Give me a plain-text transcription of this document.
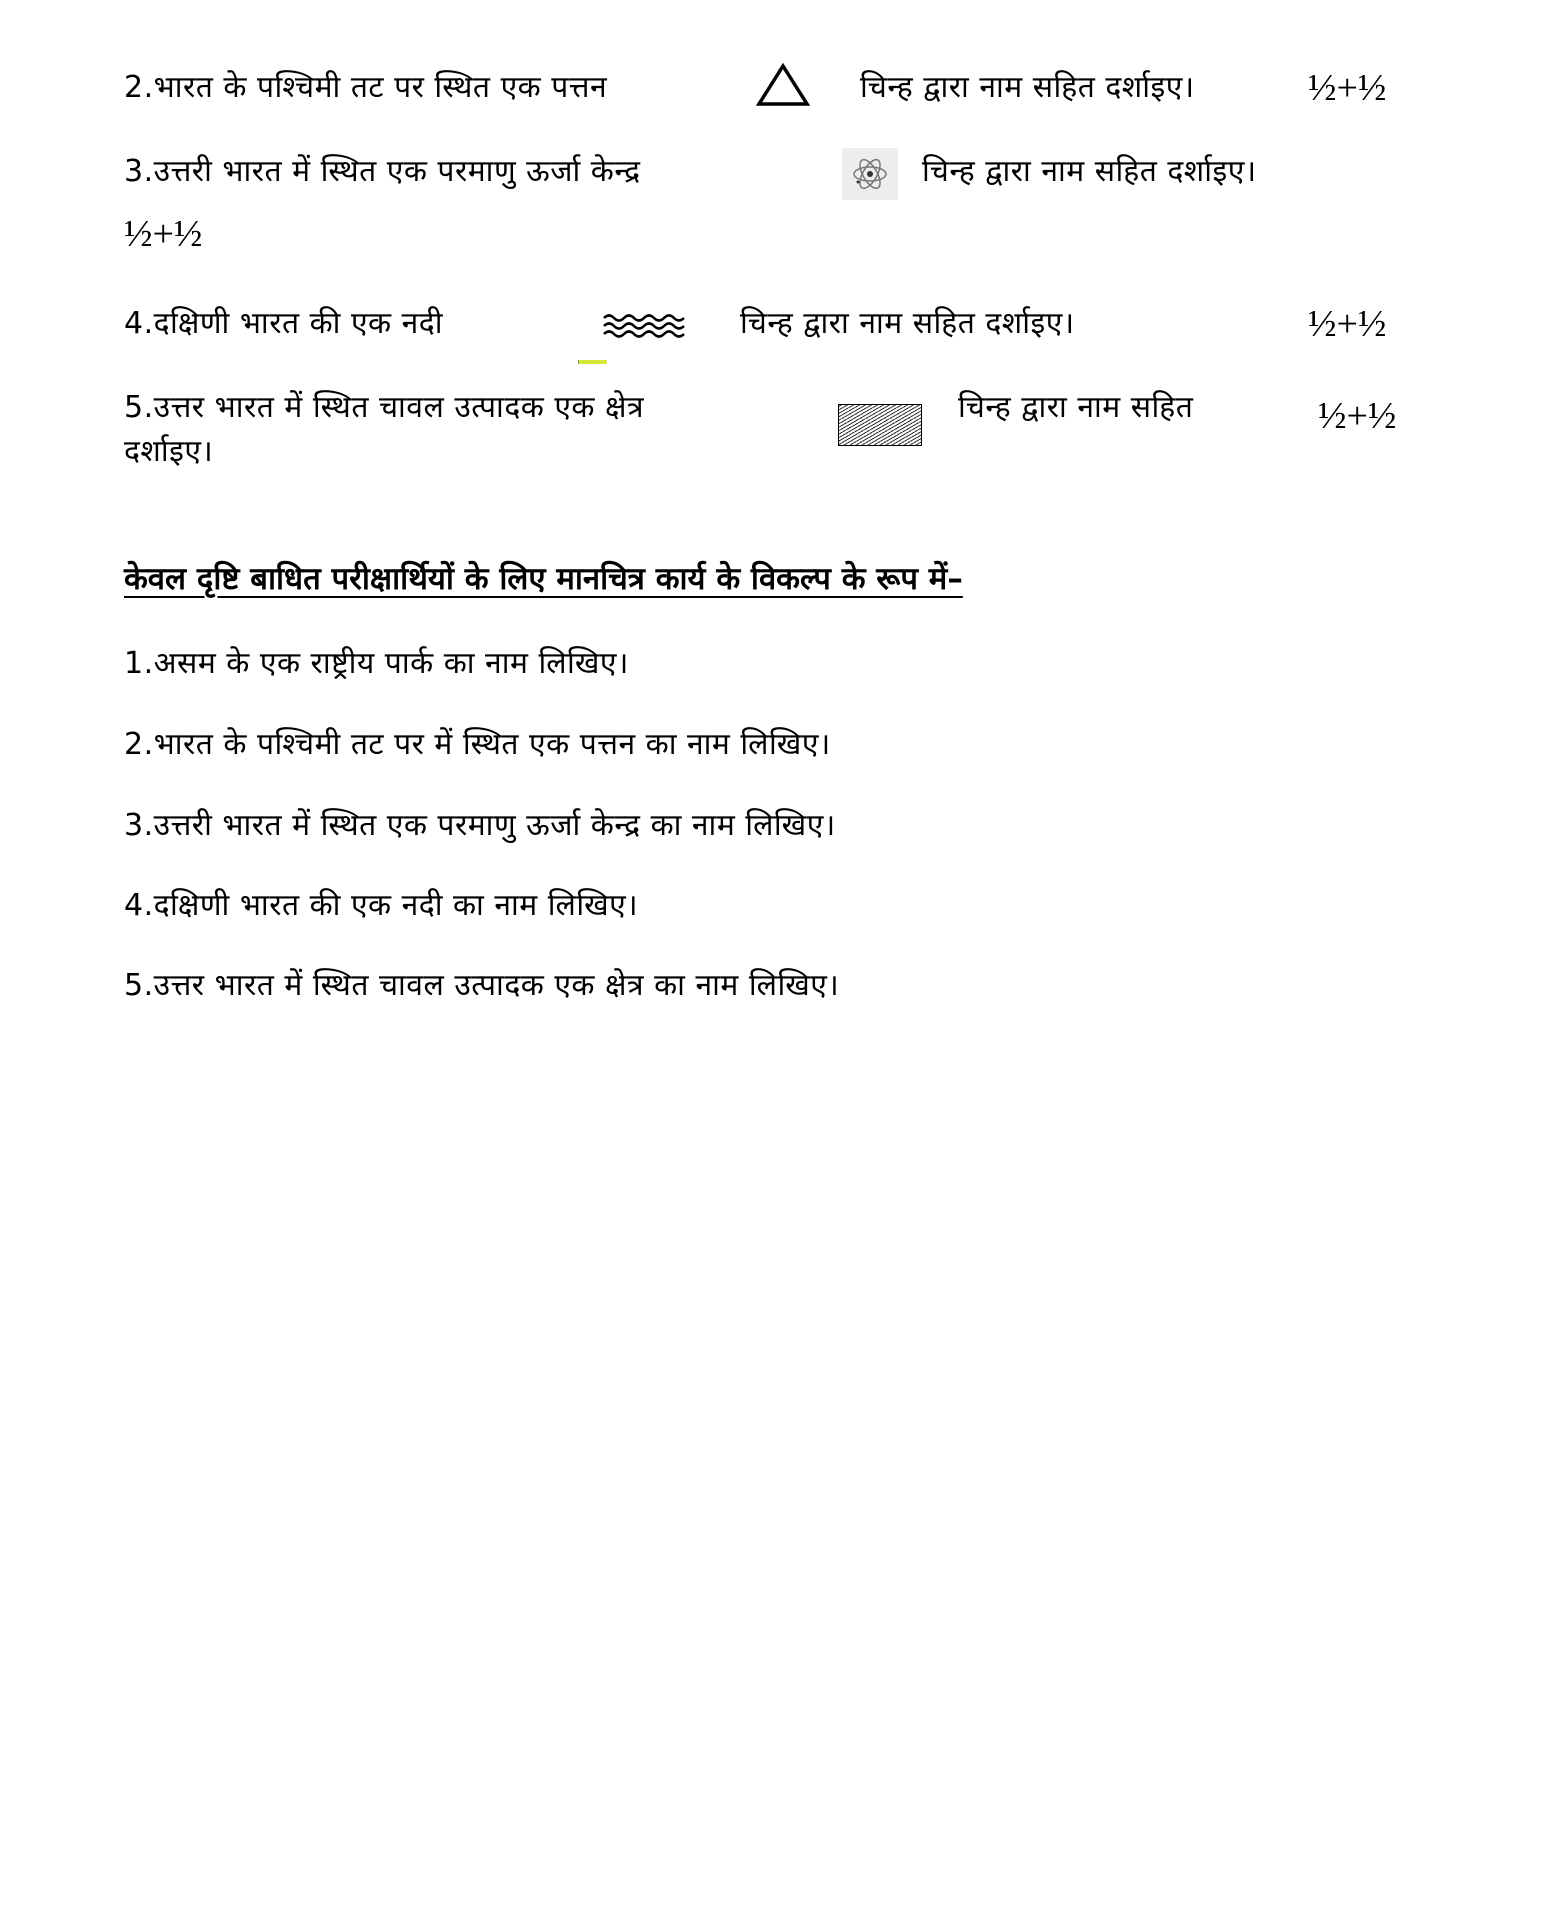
2.भारत के पश्चिमी तट पर स्थित एक पत्तन	चिन्ह द्वारा नाम सहित दर्शाइए।	½+½
3.उत्तरी भारत में स्थित एक परमाणु ऊर्जा केन्द्र	चिन्ह द्वारा नाम सहित दर्शाइए।
½+½
4.दक्षिणी भारत की एक नदी	चिन्ह द्वारा नाम सहित दर्शाइए।	½+½
5.उत्तर भारत में स्थित चावल उत्पादक एक क्षेत्र	चिन्ह द्वारा नाम सहित	½+½
दर्शाइए।
केवल दृष्टि बाधित परीक्षार्थियों के लिए मानचित्र कार्य के विकल्प के रूप में–
1.असम के एक राष्ट्रीय पार्क का नाम लिखिए।
2.भारत के पश्चिमी तट पर में स्थित एक पत्तन का नाम लिखिए।
3.उत्तरी भारत में स्थित एक परमाणु ऊर्जा केन्द्र का नाम लिखिए।
4.दक्षिणी भारत की एक नदी का नाम लिखिए।
5.उत्तर भारत में स्थित चावल उत्पादक एक क्षेत्र का नाम लिखिए।
